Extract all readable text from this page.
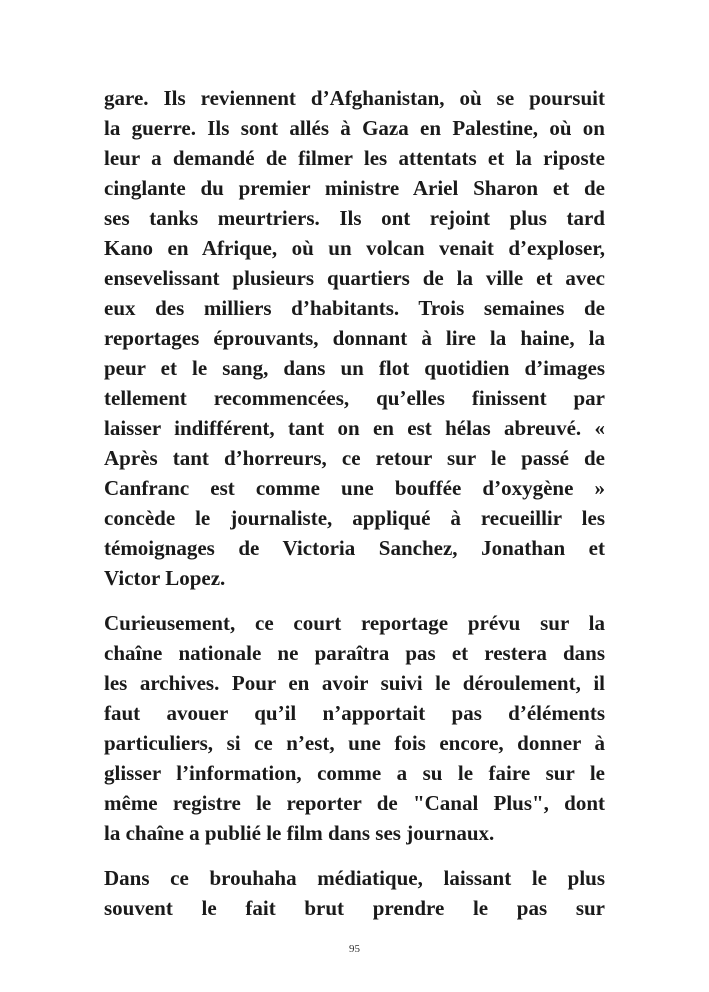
gare. Ils reviennent d’Afghanistan, où se poursuit
la guerre. Ils sont allés à Gaza en Palestine, où on
leur a demandé de filmer les attentats et la riposte
cinglante du premier ministre Ariel Sharon et de
ses tanks meurtriers. Ils ont rejoint plus tard
Kano en Afrique, où un volcan venait d’exploser,
ensevelissant plusieurs quartiers de la ville et avec
eux des milliers d’habitants. Trois semaines de
reportages éprouvants, donnant à lire la haine, la
peur et le sang, dans un flot quotidien d’images
tellement recommencées, qu’elles finissent par
laisser indifférent, tant on en est hélas abreuvé. «
Après tant d’horreurs, ce retour sur le passé de
Canfranc est comme une bouffée d’oxygène »
concède le journaliste, appliqué à recueillir les
témoignages de Victoria Sanchez, Jonathan et
Victor Lopez.
Curieusement, ce court reportage prévu sur la
chaîne nationale ne paraîtra pas et restera dans
les archives. Pour en avoir suivi le déroulement, il
faut avouer qu’il n’apportait pas d’éléments
particuliers, si ce n’est, une fois encore, donner à
glisser l’information, comme a su le faire sur le
même registre le reporter de "Canal Plus", dont
la chaîne a publié le film dans ses journaux.
Dans ce brouhaha médiatique, laissant le plus
souvent le fait brut prendre le pas sur
95
